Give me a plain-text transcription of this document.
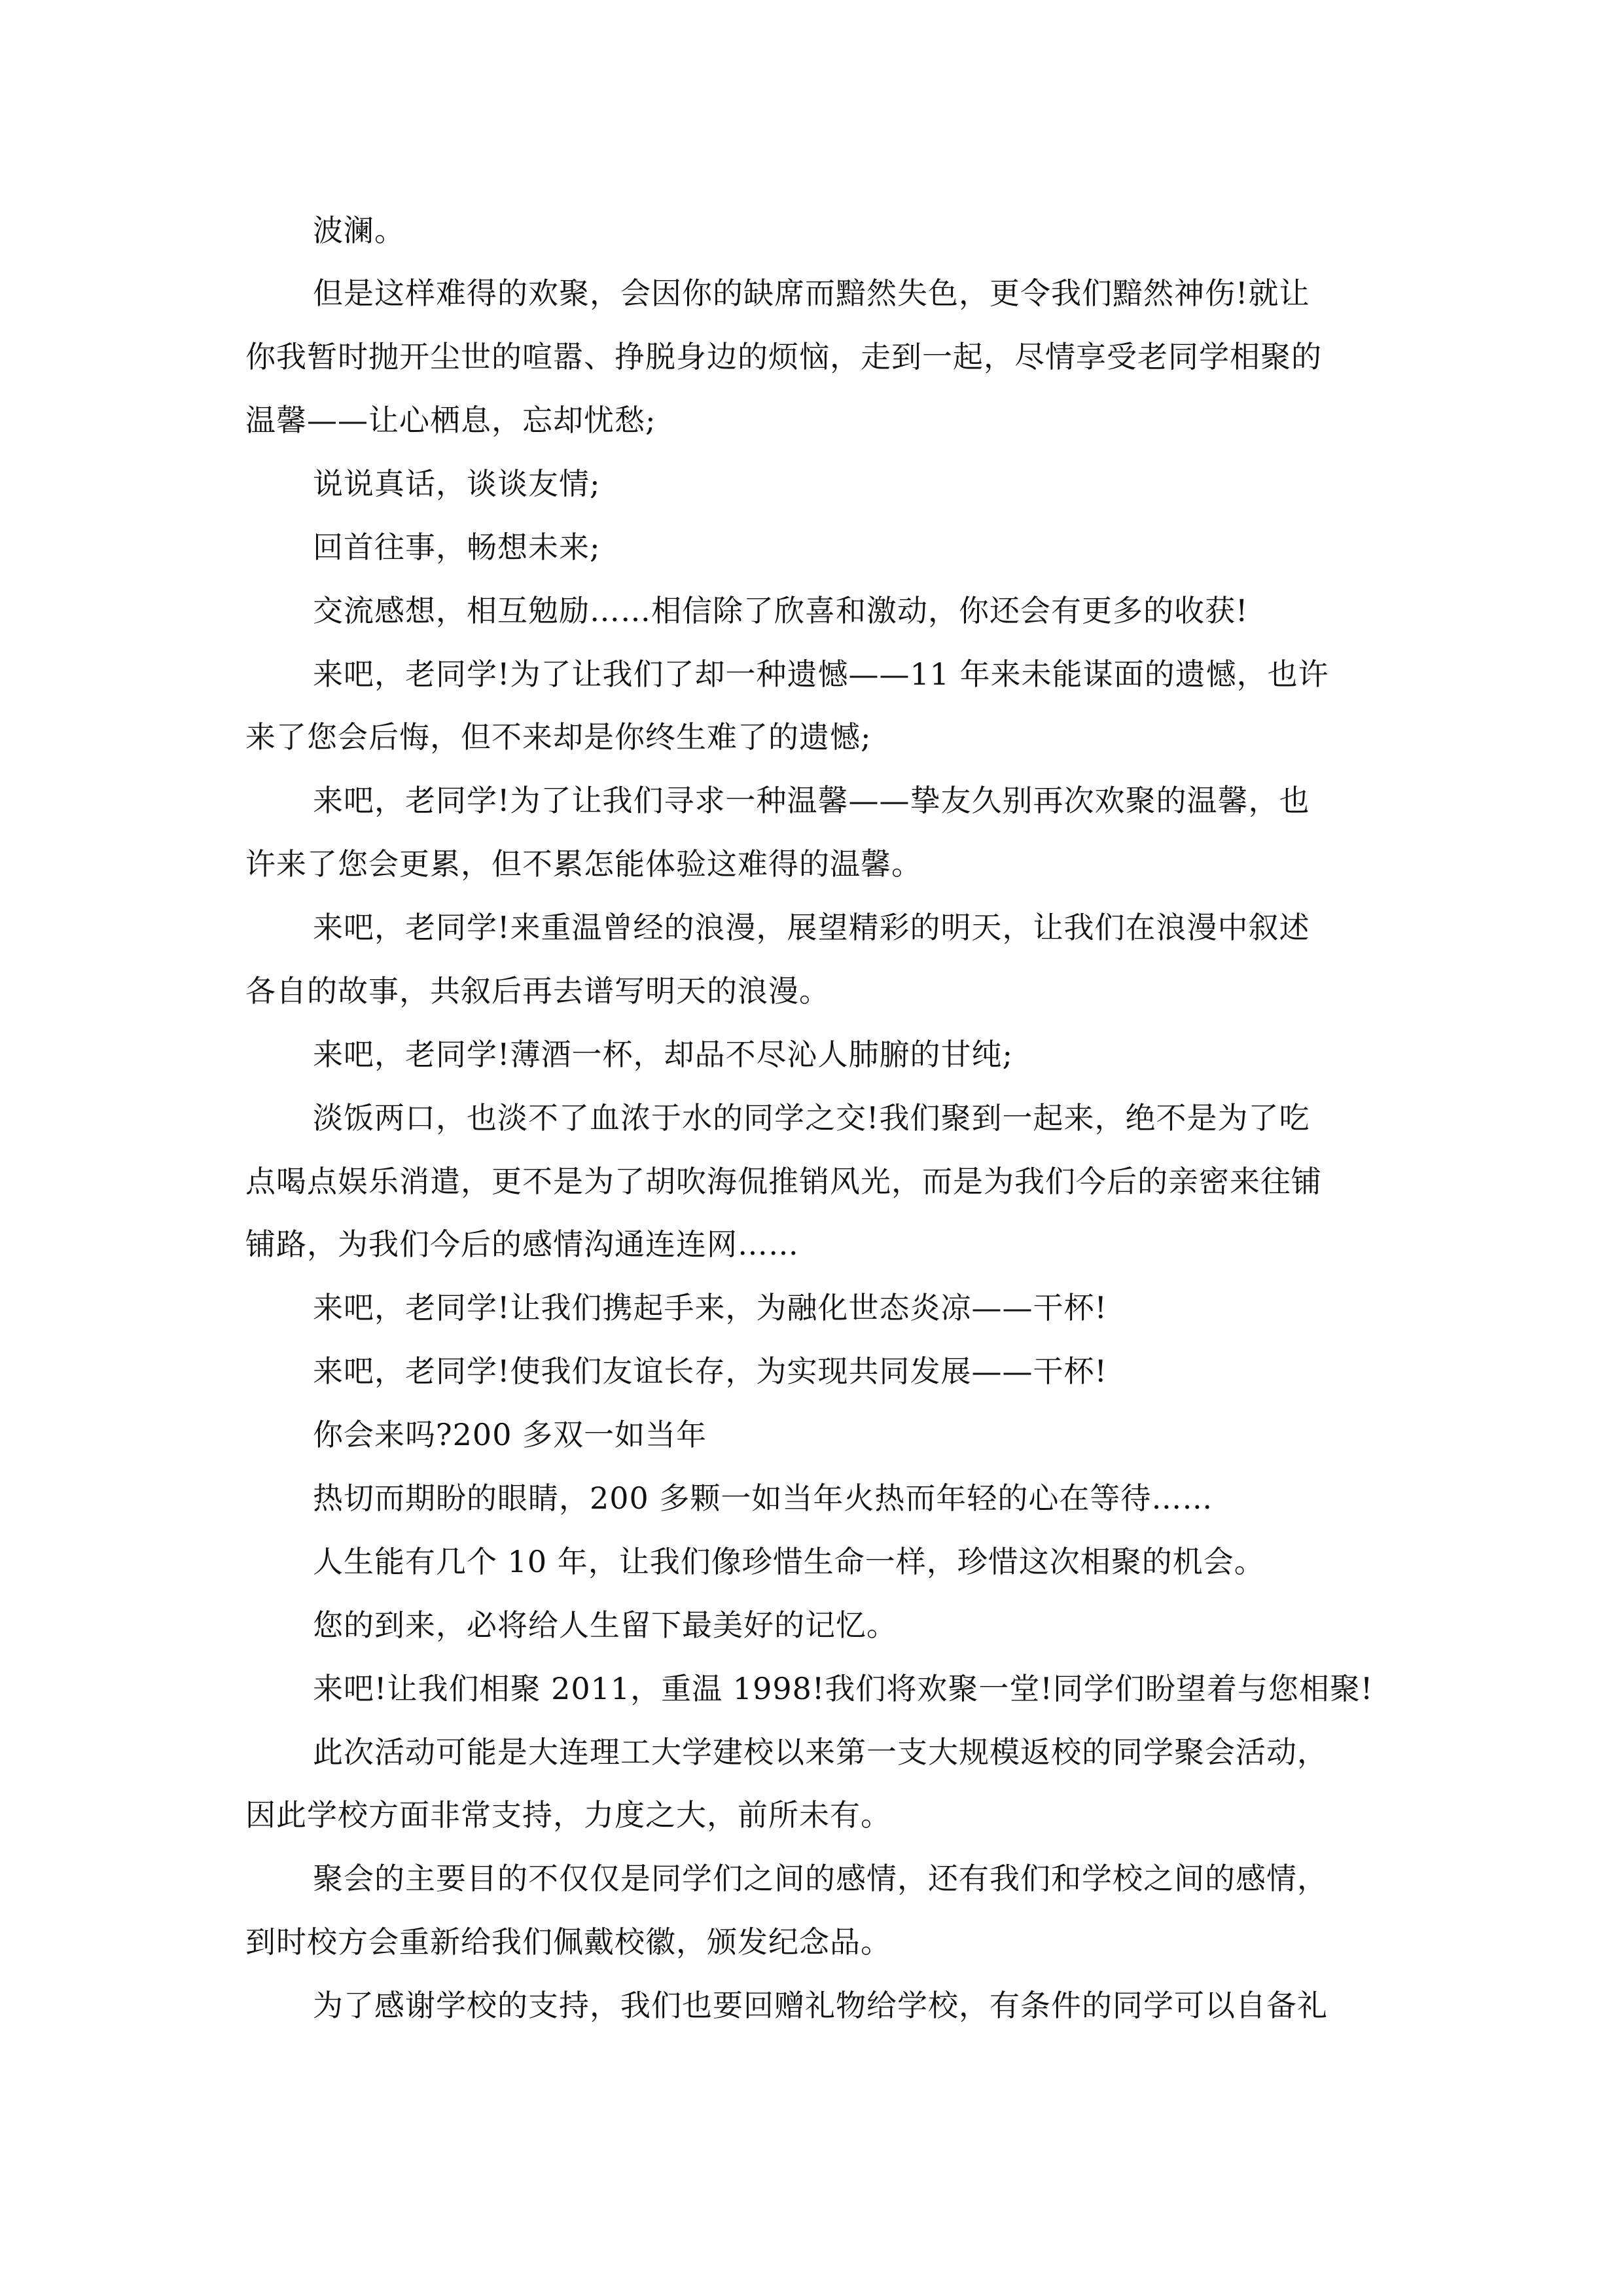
波澜。
但是这样难得的欢聚，会因你的缺席而黯然失色，更令我们黯然神伤!就让
你我暂时抛开尘世的喧嚣、挣脱身边的烦恼，走到一起，尽情享受老同学相聚的
温馨——让心栖息，忘却忧愁;
说说真话，谈谈友情;
回首往事，畅想未来;
交流感想，相互勉励……相信除了欣喜和激动，你还会有更多的收获!
来吧，老同学!为了让我们了却一种遗憾——11 年来未能谋面的遗憾，也许
来了您会后悔，但不来却是你终生难了的遗憾;
来吧，老同学!为了让我们寻求一种温馨——挚友久别再次欢聚的温馨，也
许来了您会更累，但不累怎能体验这难得的温馨。
来吧，老同学!来重温曾经的浪漫，展望精彩的明天，让我们在浪漫中叙述
各自的故事，共叙后再去谱写明天的浪漫。
来吧，老同学!薄酒一杯，却品不尽沁人肺腑的甘纯;
淡饭两口，也淡不了血浓于水的同学之交!我们聚到一起来，绝不是为了吃
点喝点娱乐消遣，更不是为了胡吹海侃推销风光，而是为我们今后的亲密来往铺
铺路，为我们今后的感情沟通连连网……
来吧，老同学!让我们携起手来，为融化世态炎凉——干杯!
来吧，老同学!使我们友谊长存，为实现共同发展——干杯!
你会来吗?200 多双一如当年
热切而期盼的眼睛，200 多颗一如当年火热而年轻的心在等待……
人生能有几个 10 年，让我们像珍惜生命一样，珍惜这次相聚的机会。
您的到来，必将给人生留下最美好的记忆。
来吧!让我们相聚 2011，重温 1998!我们将欢聚一堂!同学们盼望着与您相聚!
此次活动可能是大连理工大学建校以来第一支大规模返校的同学聚会活动，
因此学校方面非常支持，力度之大，前所未有。
聚会的主要目的不仅仅是同学们之间的感情，还有我们和学校之间的感情，
到时校方会重新给我们佩戴校徽，颁发纪念品。
为了感谢学校的支持，我们也要回赠礼物给学校，有条件的同学可以自备礼
